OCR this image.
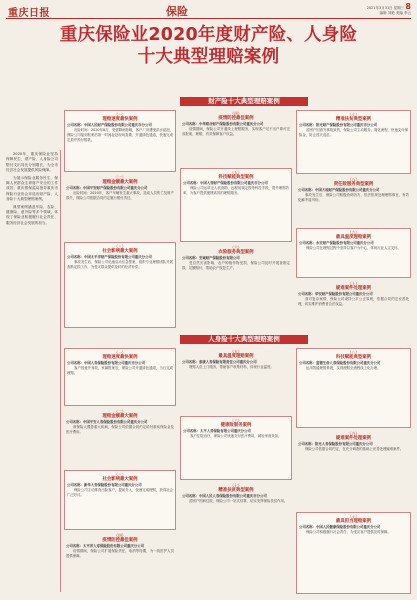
重庆日报	保险	2021年3月31日 星期三 8
编辑 刘艳 美编 李云
重庆保险业2020年度财产险、人身险
十大典型理赔案例

2020年，重庆保险业坚持保障民生，财产险、人身险公司赔付支出同比分别增长，为全市经济社会发展提供风险保障。

为展示保险业服务民生、保障人民群众生命财产安全的工作成效，重庆银保监局指导重庆市保险行业协会评选出财产险、人身险十大典型理赔案例。

典型案例涵盖车险、农险、健康险、意外险等多个领域，体现了保险业积极履行社会责任、服务经济社会发展的担当。

财产险十大典型理赔案例
（一）
理赔速度最快案例

公司名称：中国人民财产保险股份有限公司重庆市分公司

出险时间：2020年8月，受强降雨影响，客户厂房遭受洪水浸泡，保险公司接到报案后第一时间赶赴现场查勘，开通绿色通道，快速完成定损并预付赔款。

（二）
理赔金额最大案例

公司名称：中国平安财产保险股份有限公司重庆分公司

出险时间：2020年，客户车辆发生重大事故，造成人员伤亡及财产损失，保险公司依据合同约定履行赔付责任。

（三）
社会影响最大案例

公司名称：中国太平洋财产保险股份有限公司重庆分公司

事故发生后，保险公司迅速启动应急预案，组织专业理赔团队开展查勘定损工作，为受灾群众提供及时的经济补偿。

（四）
疫情防控最佳案例

公司名称：中华联合财产保险股份有限公司重庆分公司

疫情期间，保险公司开通线上理赔服务，实现客户足不出户即可完成报案、理赔，有效保障客户权益。

（五）
科技赋能典型案例

公司名称：中国人寿财产保险股份有限公司重庆市分公司

保险公司运用无人机查勘、远程视频定损等科技手段，提升理赔效率，为客户提供便捷高效的理赔服务。

（六）
农险服务典型案例

公司名称：安诚财产保险股份有限公司

受自然灾害影响，农户种植作物受损，保险公司及时开展查勘定损，足额赔付，帮助农户恢复生产。

（七）
精准扶贫典型案例

公司名称：阳光财产保险股份有限公司重庆市分公司

贫困户因意外事故致伤，保险公司主动服务、简化流程，快速支付保险金，防止因灾返贫。

（八）
责任险服务典型案例

公司名称：中国大地财产保险股份有限公司重庆分公司

事故发生后，保险公司积极协调各方，依法依规处理理赔事宜，有效化解矛盾纠纷。

（九）
最具温度理赔案例

公司名称：永安财产保险股份有限公司重庆分公司

保险公司在理赔过程中坚持以客户为中心，体现行业人文关怀。

（十）
疑难案件处理案例

公司名称：华安财产保险股份有限公司重庆分公司

面对复杂案情，保险公司秉持公平公正原则，依据合同约定妥善处理，切实维护消费者合法权益。

人身险十大典型理赔案例
（一）
理赔速度最快案例

公司名称：中国人寿保险股份有限公司重庆市分公司

客户因意外身故，家属报案后，保险公司开通绿色通道，当日完成理赔。

（二）
理赔金额最大案例

公司名称：中国平安人寿保险股份有限公司重庆分公司

被保险人罹患重大疾病，保险公司依据合同约定给付重疾保险金及医疗费用。

（三）
社会影响最大案例

公司名称：新华人寿保险股份有限公司重庆分公司

保险公司主动排查出险客户，提前介入，快速完成理赔，获得社会广泛好评。

（四）
疫情防控最佳案例

公司名称：太平洋人寿保险股份有限公司重庆分公司

疫情期间，保险公司扩展保险责任，取消等待期，为一线医护人员提供保障。

（五）
最具温度理赔案例

公司名称：泰康人寿保险有限责任公司重庆分公司

理赔人员上门服务，帮助客户收集材料，体现行业温度。

（六）
健康险服务案例

公司名称：太平人寿保险有限公司重庆分公司

客户住院治疗，保险公司快速支付医疗费用，减轻家庭负担。

（七）
精准扶贫典型案例

公司名称：中国人民人寿保险股份有限公司重庆市分公司

贫困户因病住院，保险公司一站式结算，切实发挥保险扶贫作用。

（八）
科技赋能典型案例

公司名称：富德生命人寿保险股份有限公司重庆分公司

运用智能理赔系统，实现理赔全流程线上化办理。

（九）
疑难案件处理案例

公司名称：阳光人寿保险股份有限公司重庆分公司

保险公司依据合同约定，在充分调查的基础上妥善处理疑难案件。

（十）
最具担当理赔案例

公司名称：中国人民健康保险股份有限公司重庆分公司

保险公司积极履行社会责任，为受灾客户提供及时保障。
